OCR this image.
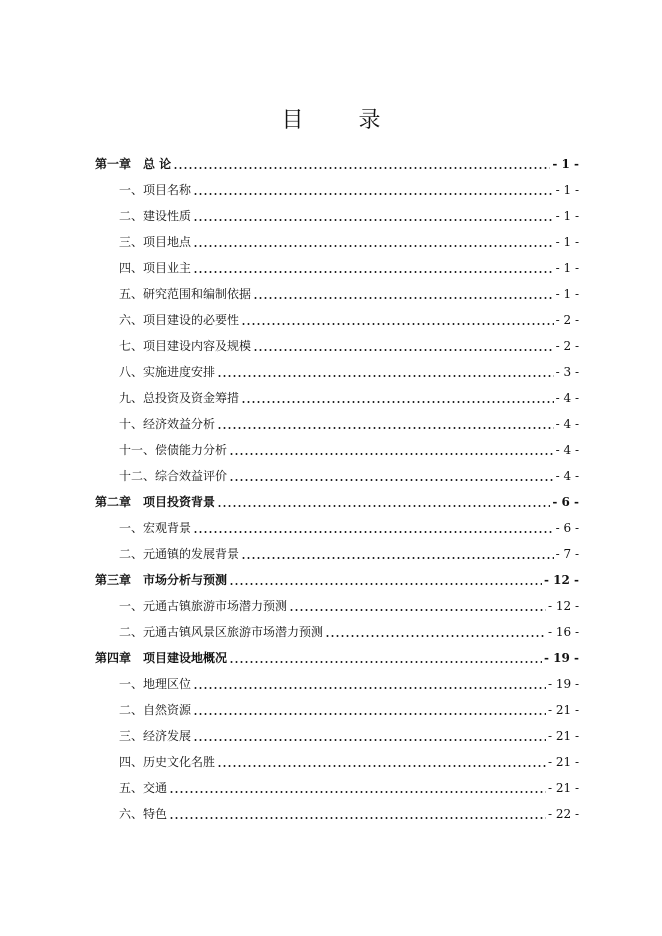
目 录
第一章　总 论	- 1 -
一、项目名称	- 1 -
二、建设性质	- 1 -
三、项目地点	- 1 -
四、项目业主	- 1 -
五、研究范围和编制依据	- 1 -
六、项目建设的必要性	- 2 -
七、项目建设内容及规模	- 2 -
八、实施进度安排	- 3 -
九、总投资及资金筹措	- 4 -
十、经济效益分析	- 4 -
十一、偿债能力分析	- 4 -
十二、综合效益评价	- 4 -
第二章　项目投资背景	- 6 -
一、宏观背景	- 6 -
二、元通镇的发展背景	- 7 -
第三章　市场分析与预测	- 12 -
一、元通古镇旅游市场潜力预测	- 12 -
二、元通古镇风景区旅游市场潜力预测	- 16 -
第四章　项目建设地概况	- 19 -
一、地理区位	- 19 -
二、自然资源	- 21 -
三、经济发展	- 21 -
四、历史文化名胜	- 21 -
五、交通	- 21 -
六、特色	- 22 -
